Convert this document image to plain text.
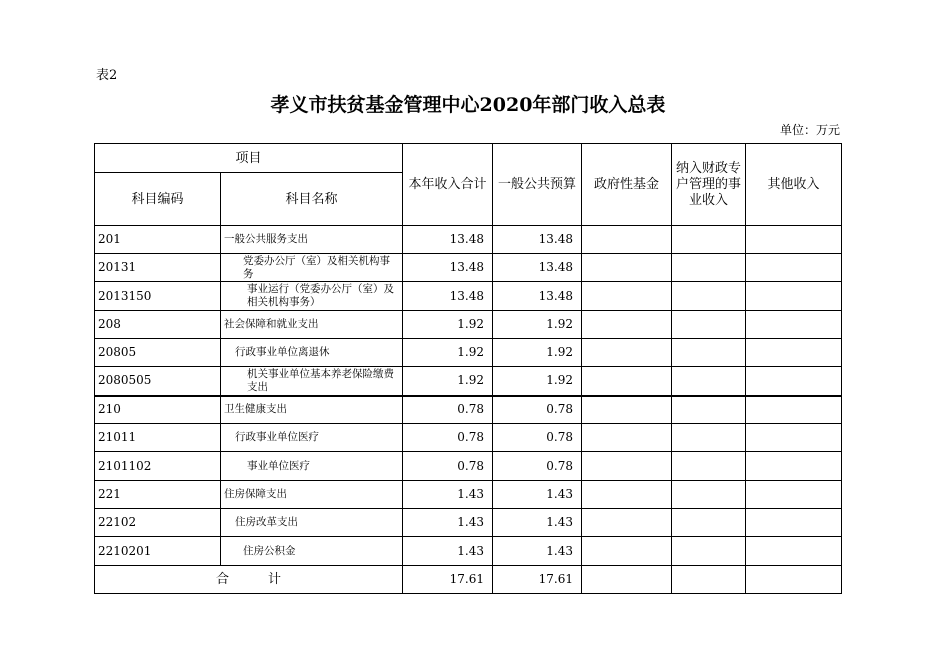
表2
孝义市扶贫基金管理中心2020年部门收入总表
单位：万元
项目		本年收入合计	一般公共预算	政府性基金	纳入财政专户管理的事业收入	其他收入
科目编码	科目名称					
201	一般公共服务支出	13.48	13.48			
20131	党委办公厅（室）及相关机构事务	13.48	13.48			
2013150	事业运行（党委办公厅（室）及相关机构事务）	13.48	13.48			
208	社会保障和就业支出	1.92	1.92			
20805	行政事业单位离退休	1.92	1.92			
2080505	机关事业单位基本养老保险缴费支出	1.92	1.92			
210	卫生健康支出	0.78	0.78			
21011	行政事业单位医疗	0.78	0.78			
2101102	事业单位医疗	0.78	0.78			
221	住房保障支出	1.43	1.43			
22102	住房改革支出	1.43	1.43			
2210201	住房公积金	1.43	1.43			
合　　　计		17.61	17.61			
